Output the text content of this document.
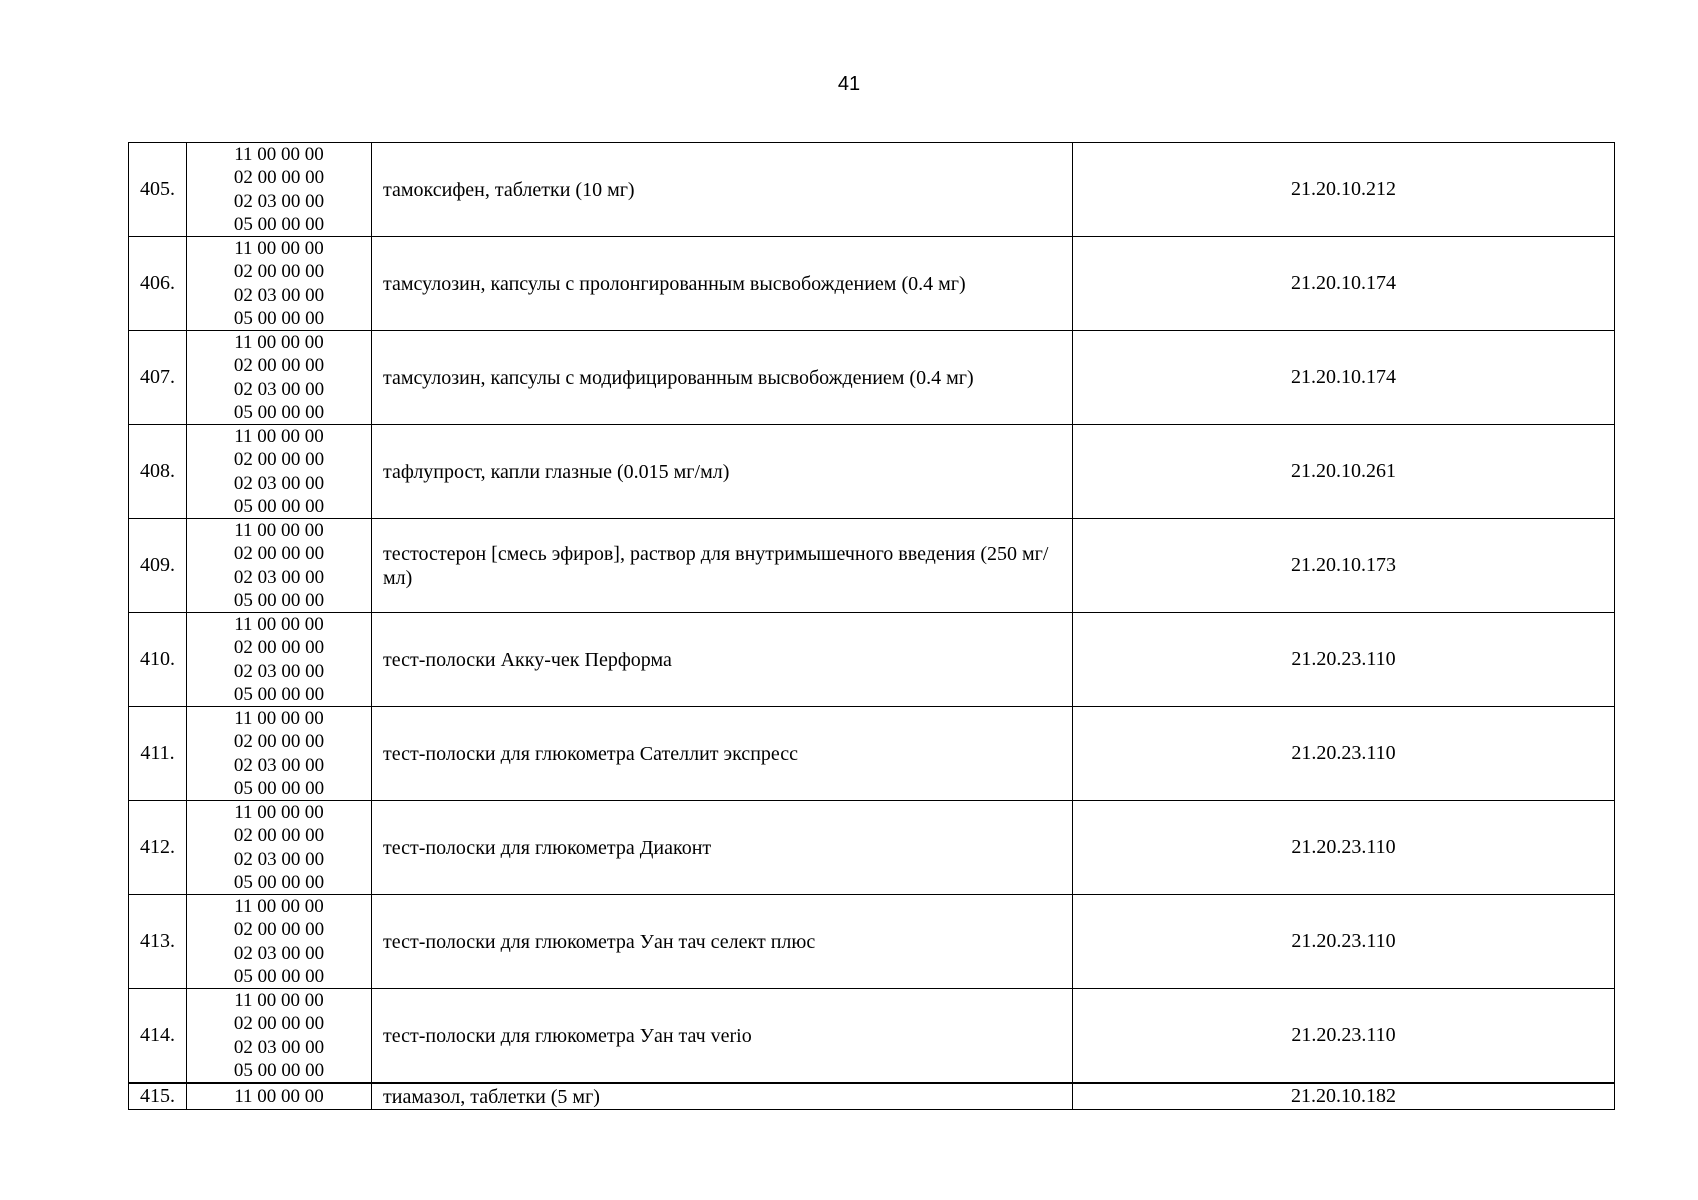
41
405.	11 00 00 00
02 00 00 00
02 03 00 00
05 00 00 00	тамоксифен, таблетки (10 мг)	21.20.10.212
406.	11 00 00 00
02 00 00 00
02 03 00 00
05 00 00 00	тамсулозин, капсулы с пролонгированным высвобождением (0.4 мг)	21.20.10.174
407.	11 00 00 00
02 00 00 00
02 03 00 00
05 00 00 00	тамсулозин, капсулы с модифицированным высвобождением (0.4 мг)	21.20.10.174
408.	11 00 00 00
02 00 00 00
02 03 00 00
05 00 00 00	тафлупрост, капли глазные (0.015 мг/мл)	21.20.10.261
409.	11 00 00 00
02 00 00 00
02 03 00 00
05 00 00 00	тестостерон [смесь эфиров], раствор для внутримышечного введения (250 мг/мл)	21.20.10.173
410.	11 00 00 00
02 00 00 00
02 03 00 00
05 00 00 00	тест-полоски Акку-чек Перформа	21.20.23.110
411.	11 00 00 00
02 00 00 00
02 03 00 00
05 00 00 00	тест-полоски для глюкометра Сателлит экспресс	21.20.23.110
412.	11 00 00 00
02 00 00 00
02 03 00 00
05 00 00 00	тест-полоски для глюкометра Диаконт	21.20.23.110
413.	11 00 00 00
02 00 00 00
02 03 00 00
05 00 00 00	тест-полоски для глюкометра Уан тач селект плюс	21.20.23.110
414.	11 00 00 00
02 00 00 00
02 03 00 00
05 00 00 00	тест-полоски для глюкометра Уан тач verio	21.20.23.110
415.	11 00 00 00	тиамазол, таблетки (5 мг)	21.20.10.182
